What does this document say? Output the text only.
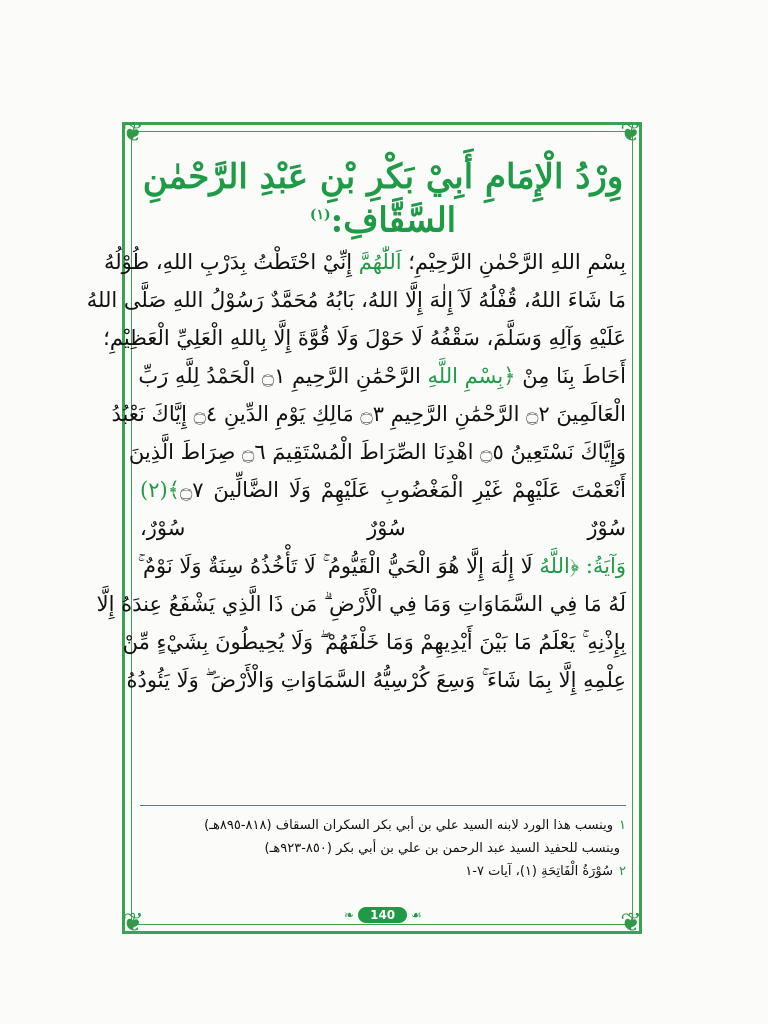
❦	❦
❦	❦
وِرْدُ الْإِمَامِ أَبِيْ بَكْرِ بْنِ عَبْدِ الرَّحْمٰنِ السَّقَّافِ:$^{(١)}$
بِسْمِ اللهِ الرَّحْمٰنِ الرَّحِيْمِ؛ اَللّٰهُمَّ إِنِّيْ احْتَطْتُ بِدَرْبِ اللهِ، طُوْلُهُ
مَا شَاءَ اللهُ، قُفْلُهُ لَآ إِلٰهَ إِلَّا اللهُ، بَابُهُ مُحَمَّدٌ رَسُوْلُ اللهِ صَلَّى اللهُ
عَلَيْهِ وَآلِهِ وَسَلَّمَ، سَقْفُهُ لَا حَوْلَ وَلَا قُوَّةَ إِلَّا بِاللهِ الْعَلِيِّ الْعَظِيْمِ؛
أَحَاطَ بِنَا مِنْ ﴿بِسْمِ اللَّهِ الرَّحْمَٰنِ الرَّحِيمِ ۝١ الْحَمْدُ لِلَّهِ رَبِّ
الْعَالَمِينَ ۝٢ الرَّحْمَٰنِ الرَّحِيمِ ۝٣ مَالِكِ يَوْمِ الدِّينِ ۝٤ إِيَّاكَ نَعْبُدُ
وَإِيَّاكَ نَسْتَعِينُ ۝٥ اهْدِنَا الصِّرَاطَ الْمُسْتَقِيمَ ۝٦ صِرَاطَ الَّذِينَ
أَنْعَمْتَ عَلَيْهِمْ غَيْرِ الْمَغْضُوبِ عَلَيْهِمْ وَلَا الضَّالِّينَ ۝٧﴾(٢)
سُوْرٌ سُوْرٌ سُوْرٌ،
وَآيَةُ: ﴿اللَّهُ لَا إِلَٰهَ إِلَّا هُوَ الْحَيُّ الْقَيُّومُ ۚ لَا تَأْخُذُهُ سِنَةٌ وَلَا نَوْمٌ ۚ
لَهُ مَا فِي السَّمَاوَاتِ وَمَا فِي الْأَرْضِ ۗ مَن ذَا الَّذِي يَشْفَعُ عِندَهُ إِلَّا
بِإِذْنِهِ ۚ يَعْلَمُ مَا بَيْنَ أَيْدِيهِمْ وَمَا خَلْفَهُمْ ۖ وَلَا يُحِيطُونَ بِشَيْءٍ مِّنْ
عِلْمِهِ إِلَّا بِمَا شَاءَ ۚ وَسِعَ كُرْسِيُّهُ السَّمَاوَاتِ وَالْأَرْضَ ۖ وَلَا يَئُودُهُ
١وينسب هذا الورد لابنه السيد علي بن أبي بكر السكران السقاف (٨١٨-٨٩٥هـ)
وينسب للحفيد السيد عبد الرحمن بن علي بن أبي بكر (٨٥٠-٩٢٣هـ)
٢سُوْرَةُ الْفَاتِحَةِ (١)، آيات ٧-١
❧ 140 ☙
